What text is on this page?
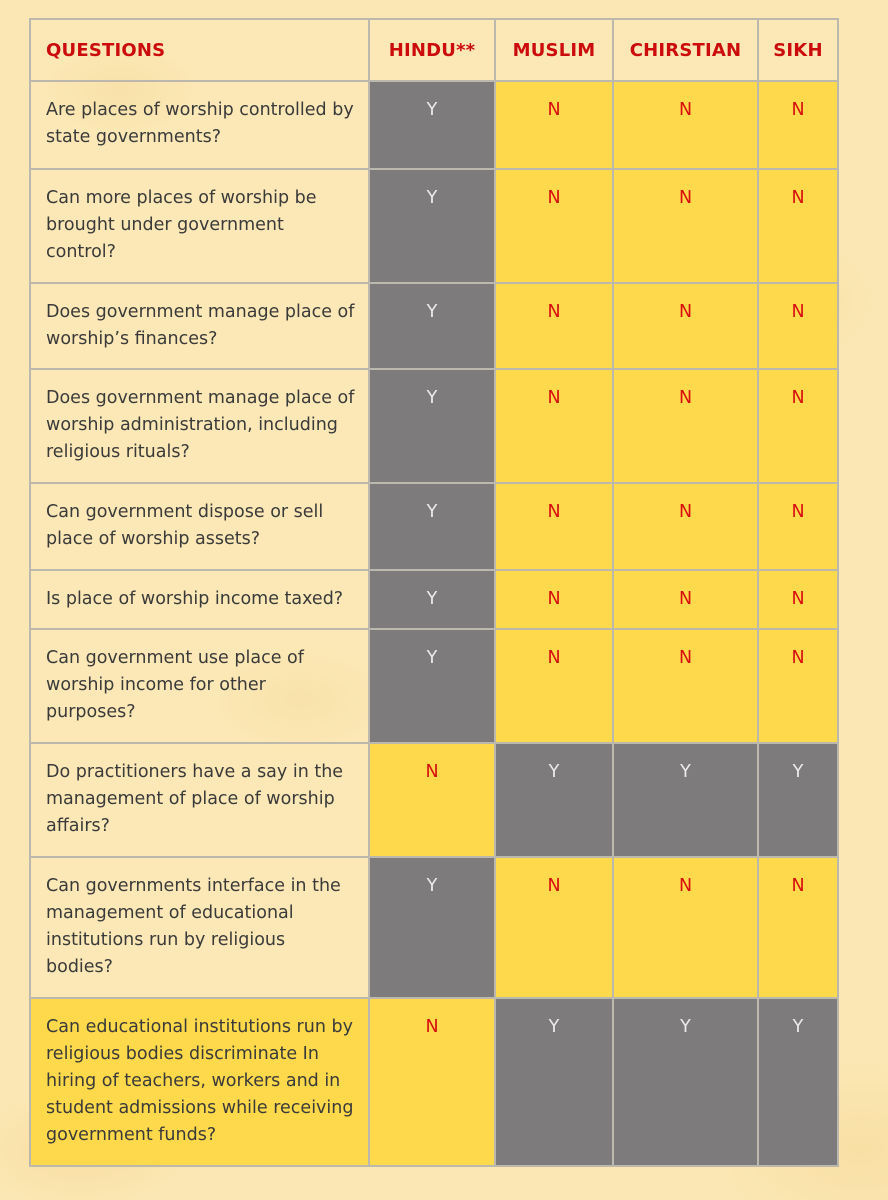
QUESTIONS	HINDU**	MUSLIM	CHIRSTIAN	SIKH
Are places of worship controlled by state governments?	Y	N	N	N
Can more places of worship be brought under government control?	Y	N	N	N
Does government manage place of worship’s finances?	Y	N	N	N
Does government manage place of worship administration, including religious rituals?	Y	N	N	N
Can government dispose or sell place of worship assets?	Y	N	N	N
Is place of worship income taxed?	Y	N	N	N
Can government use place of worship income for other purposes?	Y	N	N	N
Do practitioners have a say in the management of place of worship affairs?	N	Y	Y	Y
Can governments interface in the management of educational institutions run by religious bodies?	Y	N	N	N
Can educational institutions run by religious bodies discriminate In hiring of teachers, workers and in student admissions while receiving government funds?	N	Y	Y	Y
